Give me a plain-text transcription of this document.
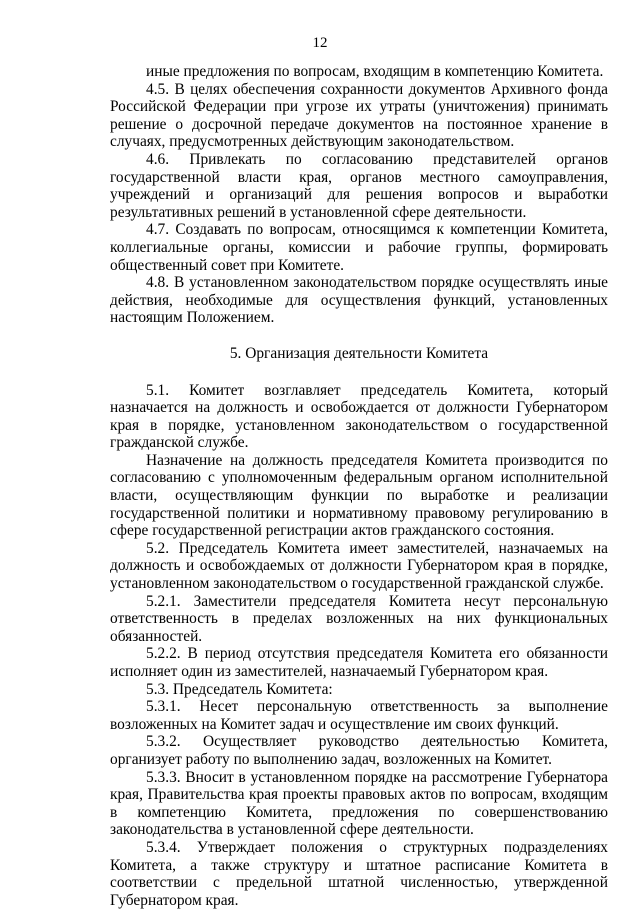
12

иные предложения по вопросам, входящим в компетенцию Комитета.

4.5. В целях обеспечения сохранности документов Архивного фонда Российской Федерации при угрозе их утраты (уничтожения) принимать решение о досрочной передаче документов на постоянное хранение в случаях, предусмотренных действующим законодательством.

4.6. Привлекать по согласованию представителей органов государственной власти края, органов местного самоуправления, учреждений и организаций для решения вопросов и выработки результативных решений в установленной сфере деятельности.

4.7. Создавать по вопросам, относящимся к компетенции Комитета, коллегиальные органы, комиссии и рабочие группы, формировать общественный совет при Комитете.

4.8. В установленном законодательством порядке осуществлять иные действия, необходимые для осуществления функций, установленных настоящим Положением.

5. Организация деятельности Комитета

5.1. Комитет возглавляет председатель Комитета, который назначается на должность и освобождается от должности Губернатором края в порядке, установленном законодательством о государственной гражданской службе.

Назначение на должность председателя Комитета производится по согласованию с уполномоченным федеральным органом исполнительной власти, осуществляющим функции по выработке и реализации государственной политики и нормативному правовому регулированию в сфере государственной регистрации актов гражданского состояния.

5.2. Председатель Комитета имеет заместителей, назначаемых на должность и освобождаемых от должности Губернатором края в порядке, установленном законодательством о государственной гражданской службе.

5.2.1. Заместители председателя Комитета несут персональную ответственность в пределах возложенных на них функциональных обязанностей.

5.2.2. В период отсутствия председателя Комитета его обязанности исполняет один из заместителей, назначаемый Губернатором края.

5.3. Председатель Комитета:

5.3.1. Несет персональную ответственность за выполнение возложенных на Комитет задач и осуществление им своих функций.

5.3.2. Осуществляет руководство деятельностью Комитета, организует работу по выполнению задач, возложенных на Комитет.

5.3.3. Вносит в установленном порядке на рассмотрение Губернатора края, Правительства края проекты правовых актов по вопросам, входящим в компетенцию Комитета, предложения по совершенствованию законодательства в установленной сфере деятельности.

5.3.4. Утверждает положения о структурных подразделениях Комитета, а также структуру и штатное расписание Комитета в соответствии с предельной штатной численностью, утвержденной Губернатором края.
